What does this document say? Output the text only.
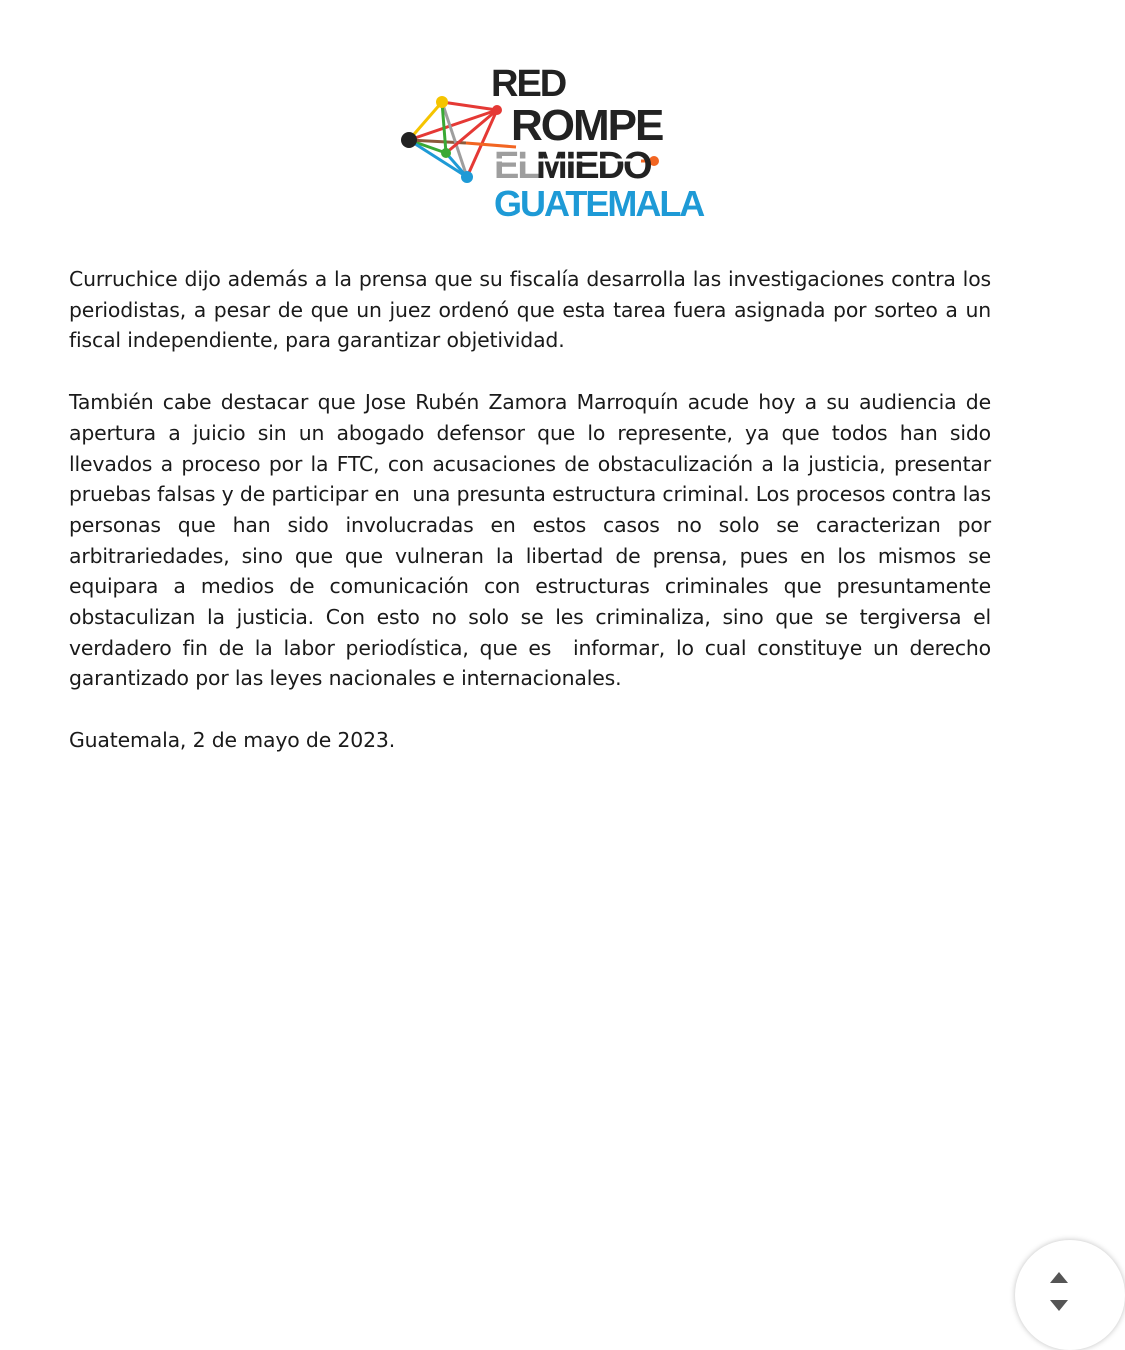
RED
ROMPE
EL
MIEDO
GUATEMALA

Curruchice dijo además a la prensa que su fiscalía desarrolla las investigaciones contra los periodistas, a pesar de que un juez ordenó que esta tarea fuera asignada por sorteo a un fiscal independiente, para garantizar objetividad.

También cabe destacar que Jose Rubén Zamora Marroquín acude hoy a su audiencia de apertura a juicio sin un abogado defensor que lo represente, ya que todos han sido llevados a proceso por la FTC, con acusaciones de obstaculización a la justicia, presentar pruebas falsas y de participar en  una presunta estructura criminal. Los procesos contra las personas que han sido involucradas en estos casos no solo se caracterizan por arbitrariedades, sino que que vulneran la libertad de prensa, pues en los mismos se equipara a medios de comunicación con estructuras criminales que presuntamente obstaculizan la justicia. Con esto no solo se les criminaliza, sino que se tergiversa el verdadero fin de la labor periodística, que es  informar, lo cual constituye un derecho garantizado por las leyes nacionales e internacionales.

Guatemala, 2 de mayo de 2023.
